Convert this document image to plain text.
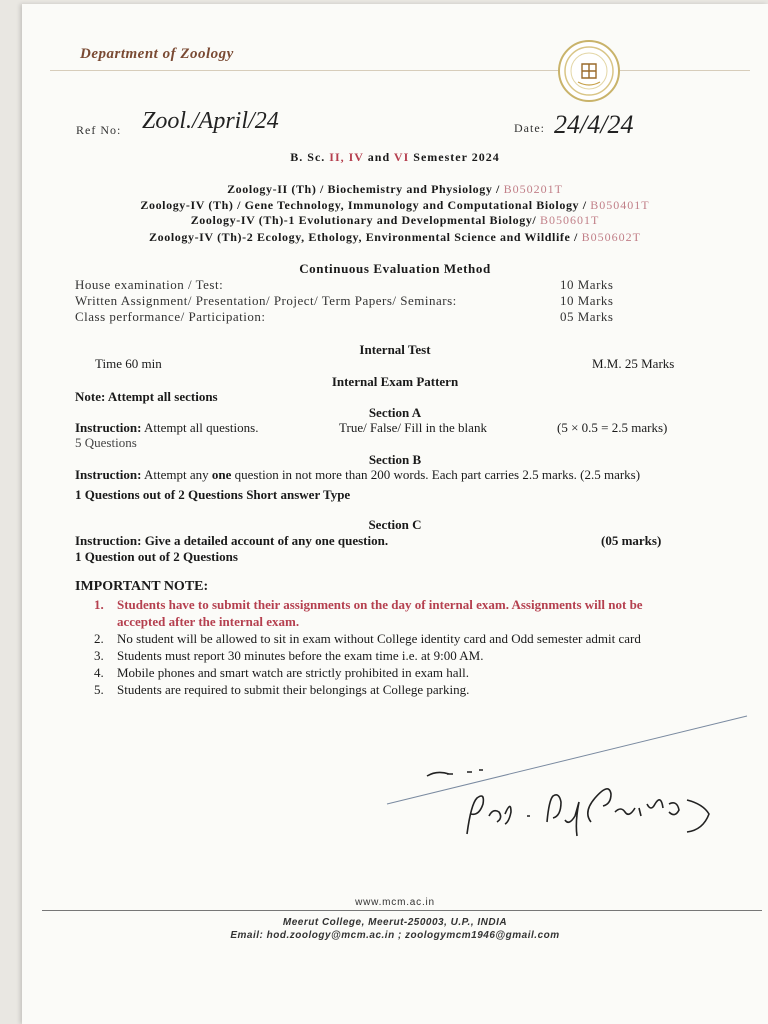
Department of Zoology
Ref No: Zool./April/24	Date: 24/4/24
B. Sc. II, IV and VI Semester 2024
Zoology-II (Th) / Biochemistry and Physiology / B050201T
Zoology-IV (Th) / Gene Technology, Immunology and Computational Biology / B050401T
Zoology-IV (Th)-1 Evolutionary and Developmental Biology/ B050601T
Zoology-IV (Th)-2 Ecology, Ethology, Environmental Science and Wildlife / B050602T
Continuous Evaluation Method
House examination / Test:	10 Marks
Written Assignment/ Presentation/ Project/ Term Papers/ Seminars:	10 Marks
Class performance/ Participation:	05 Marks
Internal Test
Time 60 min	M.M. 25 Marks
Internal Exam Pattern
Note: Attempt all sections
Section A
Instruction: Attempt all questions.	True/ False/ Fill in the blank	(5 × 0.5 = 2.5 marks)
5 Questions
Section B
Instruction: Attempt any one question in not more than 200 words. Each part carries 2.5 marks. (2.5 marks)
1 Questions out of 2 Questions Short answer Type
Section C
Instruction: Give a detailed account of any one question.	(05 marks)
1 Question out of 2 Questions
IMPORTANT NOTE:
1. Students have to submit their assignments on the day of internal exam. Assignments will not be
accepted after the internal exam.
2. No student will be allowed to sit in exam without College identity card and Odd semester admit card
3. Students must report 30 minutes before the exam time i.e. at 9:00 AM.
4. Mobile phones and smart watch are strictly prohibited in exam hall.
5. Students are required to submit their belongings at College parking.
www.mcm.ac.in
Meerut College, Meerut-250003, U.P., INDIA
Email: hod.zoology@mcm.ac.in ; zoologymcm1946@gmail.com
